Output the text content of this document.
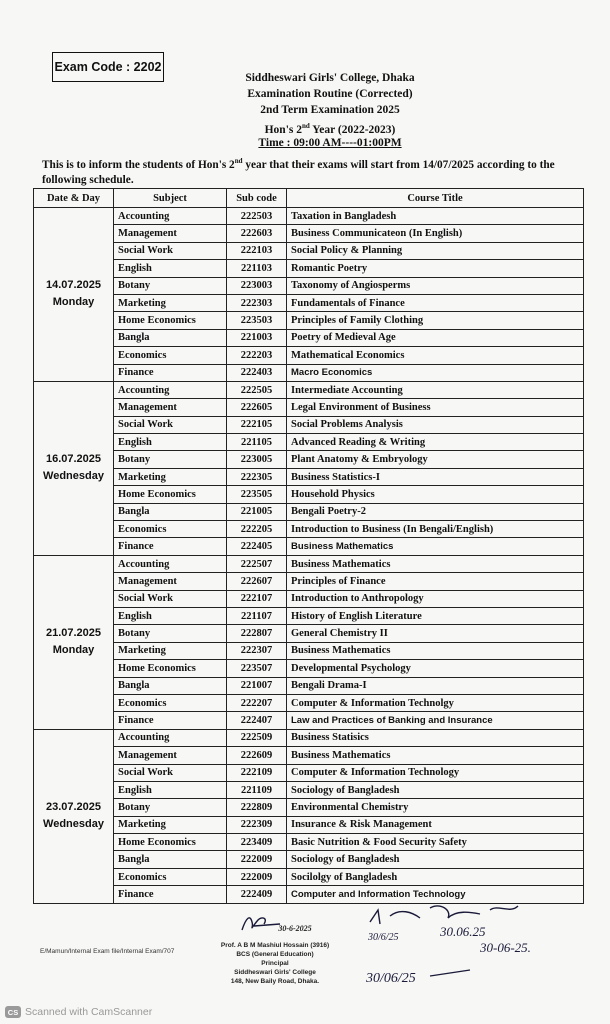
Exam Code : 2202
Siddheswari Girls' College, Dhaka
Examination Routine (Corrected)
2nd Term Examination 2025
Hon's 2nd Year (2022-2023)
Time : 09:00 AM----01:00PM
This is to inform the students of Hon's 2nd year that their exams will start from 14/07/2025 according to the following schedule.
Date & Day	Subject	Sub code	Course Title

14.07.2025
Monday	Accounting	222503	Taxation in Bangladesh
	Management	222603	Business Communicateon (In English)
	Social Work	222103	Social Policy & Planning
	English	221103	Romantic Poetry
	Botany	223003	Taxonomy of Angiosperms
	Marketing	222303	Fundamentals of Finance
	Home Economics	223503	Principles of Family Clothing
	Bangla	221003	Poetry of Medieval Age
	Economics	222203	Mathematical Economics
	Finance	222403	Macro Economics

16.07.2025
Wednesday	Accounting	222505	Intermediate Accounting
	Management	222605	Legal Environment of Business
	Social Work	222105	Social Problems Analysis
	English	221105	Advanced Reading & Writing
	Botany	223005	Plant Anatomy & Embryology
	Marketing	222305	Business Statistics-I
	Home Economics	223505	Household Physics
	Bangla	221005	Bengali Poetry-2
	Economics	222205	Introduction to Business (In Bengali/English)
	Finance	222405	Business Mathematics

21.07.2025
Monday	Accounting	222507	Business Mathematics
	Management	222607	Principles of Finance
	Social Work	222107	Introduction to Anthropology
	English	221107	History of English Literature
	Botany	222807	General Chemistry II
	Marketing	222307	Business Mathematics
	Home Economics	223507	Developmental Psychology
	Bangla	221007	Bengali Drama-I
	Economics	222207	Computer & Information Technolgy
	Finance	222407	Law and Practices of Banking and Insurance

23.07.2025
Wednesday	Accounting	222509	Business Statisics
	Management	222609	Business Mathematics
	Social Work	222109	Computer & Information Technology
	English	221109	Sociology of Bangladesh
	Botany	222809	Environmental Chemistry
	Marketing	222309	Insurance & Risk Management
	Home Economics	223409	Basic Nutrition & Food Security Safety
	Bangla	222009	Sociology of Bangladesh
	Economics	222009	Socilolgy of Bangladesh
	Finance	222409	Computer and Information Technology
30-6-2025
Prof. A B M Mashiul Hossain (3916)
BCS (General Education)
Principal
Siddheswari Girls' College
148, New Baily Road, Dhaka.
E/Mamun/Internal Exam file/Internal Exam/707
30/6/25	30.06.25
30-06-25.
30/06/25
CS Scanned with CamScanner
